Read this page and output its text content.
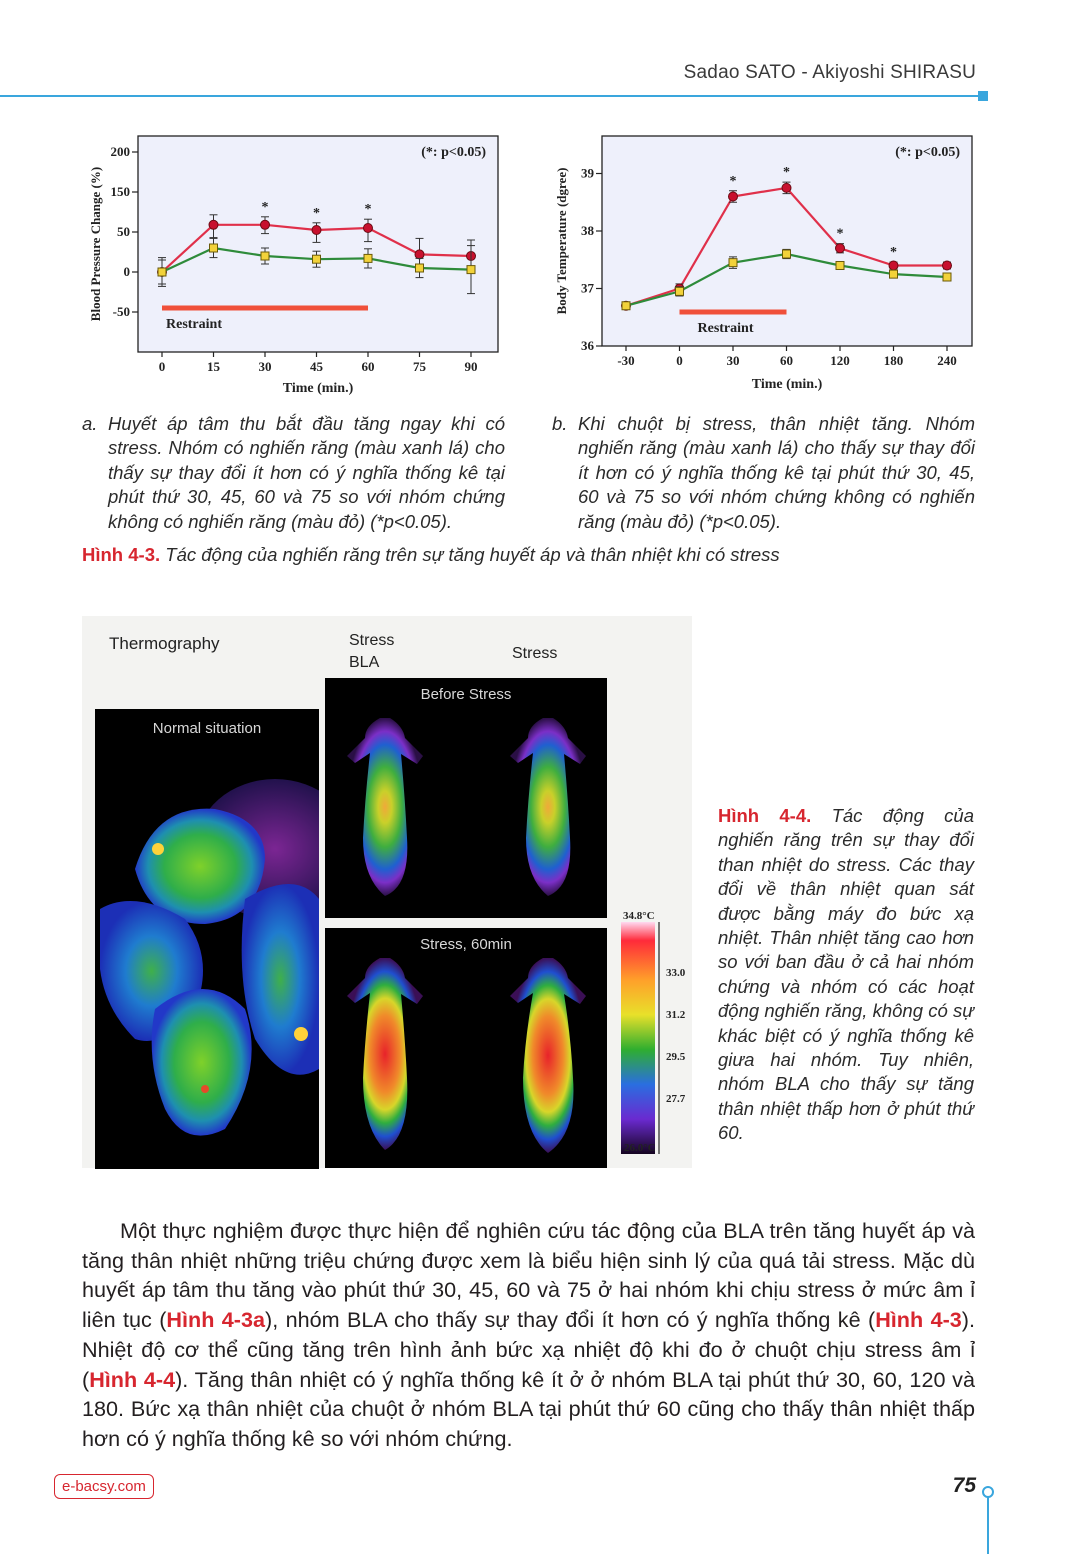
Sadao SATO - Akiyoshi SHIRASU
Blood Pressure Change (%)
200
150
50
0
-50
0	15	30	45	60	75	90
Time (min.)
(*: p<0.05)
Restraint
*	*	*	Body Temperature (dgree) 39
38
37
36
-30	0	30	60	120	180	240
Time (min.)
(*: p<0.05)
Restraint
*
*
*
*
a. Huyết áp tâm thu bắt đầu tăng ngay khi có stress. Nhóm có nghiến răng (màu xanh lá) cho thấy sự thay đổi ít hơn có ý nghĩa thống kê tại phút thứ 30, 45, 60 và 75 so với nhóm chứng không có nghiến răng (màu đỏ) (*p<0.05).
b. Khi chuột bị stress, thân nhiệt tăng. Nhóm nghiến răng (màu xanh lá) cho thấy sự thay đổi ít hơn có ý nghĩa thống kê tại phút thứ 30, 45, 60 và 75 so với nhóm chứng không có nghiến răng (màu đỏ) (*p<0.05).
Hình 4-3. Tác động của nghiến răng trên sự tăng huyết áp và thân nhiệt khi có stress
Thermography	Stress
BLA
Stress
Normal situation
Before Stress
Stress, 60min
34.8°C
33.0
31.2
29.5
27.7
26.0°C
Hình 4-4. Tác động của nghiến răng trên sự thay đổi than nhiệt do stress. Các thay đổi về thân nhiệt quan sát được bằng máy đo bức xạ nhiệt. Thân nhiệt tăng cao hơn so với ban đầu ở cả hai nhóm chứng và nhóm có các hoạt động nghiến răng, không có sự khác biệt có ý nghĩa thống kê giưa hai nhóm. Tuy nhiên, nhóm BLA cho thấy sự tăng thân nhiệt thấp hơn ở phút thứ 60.
Một thực nghiệm được thực hiện để nghiên cứu tác động của BLA trên tăng huyết áp và tăng thân nhiệt những triệu chứng được xem là biểu hiện sinh lý của quá tải stress. Mặc dù huyết áp tâm thu tăng vào phút thứ 30, 45, 60 và 75 ở hai nhóm khi chịu stress ở mức âm ỉ liên tục (Hình 4-3a), nhóm BLA cho thấy sự thay đổi ít hơn có ý nghĩa thống kê (Hình 4-3). Nhiệt độ cơ thể cũng tăng trên hình ảnh bức xạ nhiệt độ khi đo ở chuột chịu stress âm ỉ (Hình 4-4). Tăng thân nhiệt có ý nghĩa thống kê ít ở ở nhóm BLA tại phút thứ 30, 60, 120 và 180. Bức xạ thân nhiệt của chuột ở nhóm BLA tại phút thứ 60 cũng cho thấy thân nhiệt thấp hơn có ý nghĩa thống kê so với nhóm chứng.
e-bacsy.com	75
